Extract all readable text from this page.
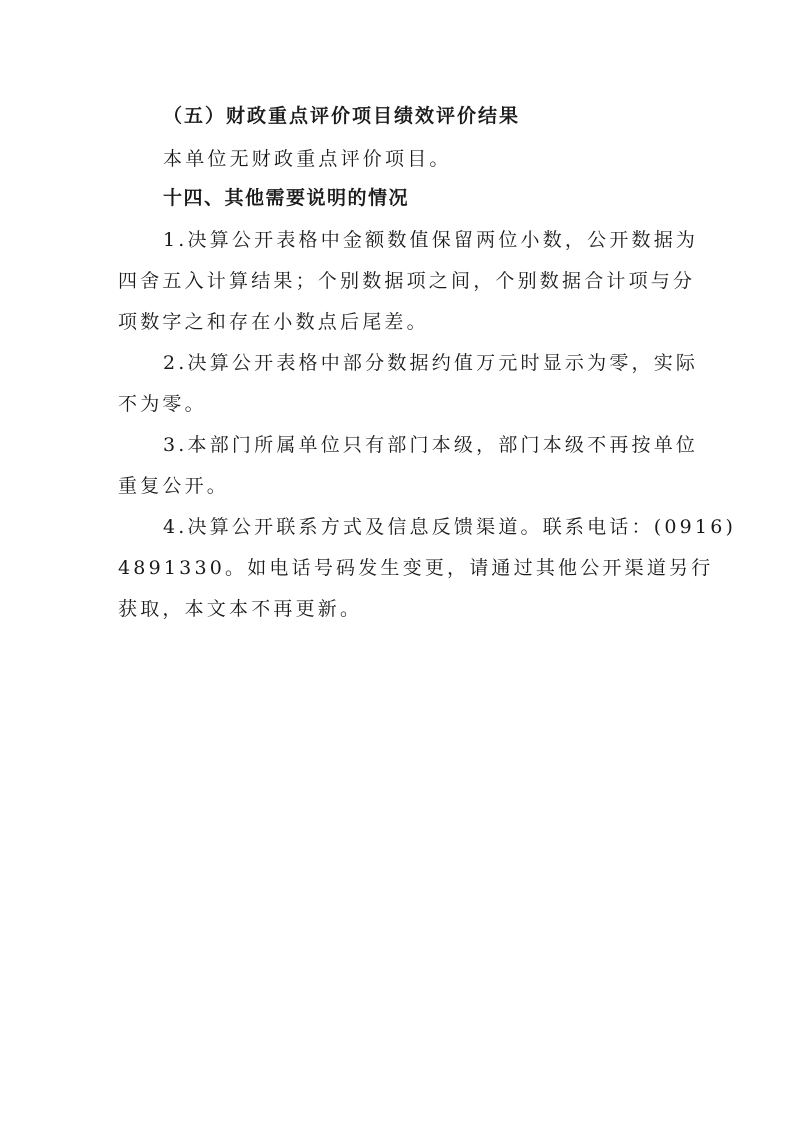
（五）财政重点评价项目绩效评价结果
本单位无财政重点评价项目。
十四、其他需要说明的情况
1.决算公开表格中金额数值保留两位小数，公开数据为
四舍五入计算结果；个别数据项之间，个别数据合计项与分
项数字之和存在小数点后尾差。
2.决算公开表格中部分数据约值万元时显示为零，实际
不为零。
3.本部门所属单位只有部门本级，部门本级不再按单位
重复公开。
4.决算公开联系方式及信息反馈渠道。联系电话：(0916)
4891330。如电话号码发生变更，请通过其他公开渠道另行
获取，本文本不再更新。
